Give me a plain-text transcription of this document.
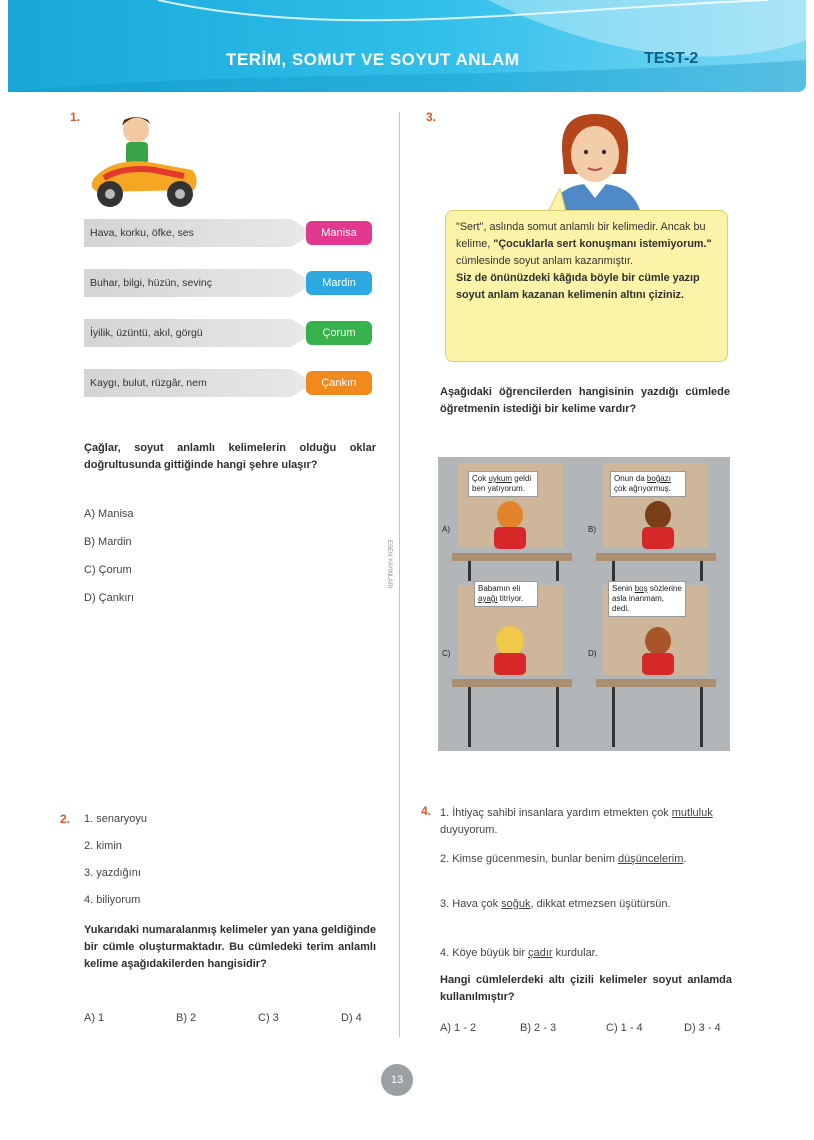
TERİM, SOMUT VE SOYUT ANLAM	TEST-2
ESEN YAYINLARI
1.
Hava, korku, öfke, ses	Manisa
Buhar, bilgi, hüzün, sevinç	Mardin
İyilik, üzüntü, akıl, görgü	Çorum
Kaygı, bulut, rüzgâr, nem	Çankırı
Çağlar, soyut anlamlı kelimelerin olduğu oklar doğrultusunda gittiğinde hangi şehre ulaşır?
A) Manisa
B) Mardin
C) Çorum
D) Çankırı
2. 1. senaryoyu
2. kimin
3. yazdığını
4. biliyorum
Yukarıdaki numaralanmış kelimeler yan yana geldiğinde bir cümle oluşturmaktadır. Bu cümledeki terim anlamlı kelime aşağıdakilerden hangisidir?
A) 1	B) 2	C) 3	D) 4
3.
"Sert", aslında somut anlamlı bir kelimedir. Ancak bu kelime, "Çocuklarla sert konuşmanı istemiyorum." cümlesinde soyut anlam kazanmıştır.
Siz de önünüzdeki kâğıda böyle bir cümle yazıp soyut anlam kazanan kelimenin altını çiziniz.
Aşağıdaki öğrencilerden hangisinin yazdığı cümlede öğretmenin istediği bir kelime vardır?
Çok uykum geldi ben yatıyorum.
A)
Onun da boğazı çok ağrıyormuş.
B)
Babamın eli ayağı titriyor.
C)
Senin boş sözlerine asla inanmam, dedi.
D)
4. 1. İhtiyaç sahibi insanlara yardım etmekten çok mutluluk duyuyorum.
2. Kimse gücenmesin, bunlar benim düşüncelerim.
3. Hava çok soğuk, dikkat etmezsen üşütürsün.
4. Köye büyük bir çadır kurdular.
Hangi cümlelerdeki altı çizili kelimeler soyut anlamda kullanılmıştır?
A) 1 - 2	B) 2 - 3	C) 1 - 4	D) 3 - 4
13
